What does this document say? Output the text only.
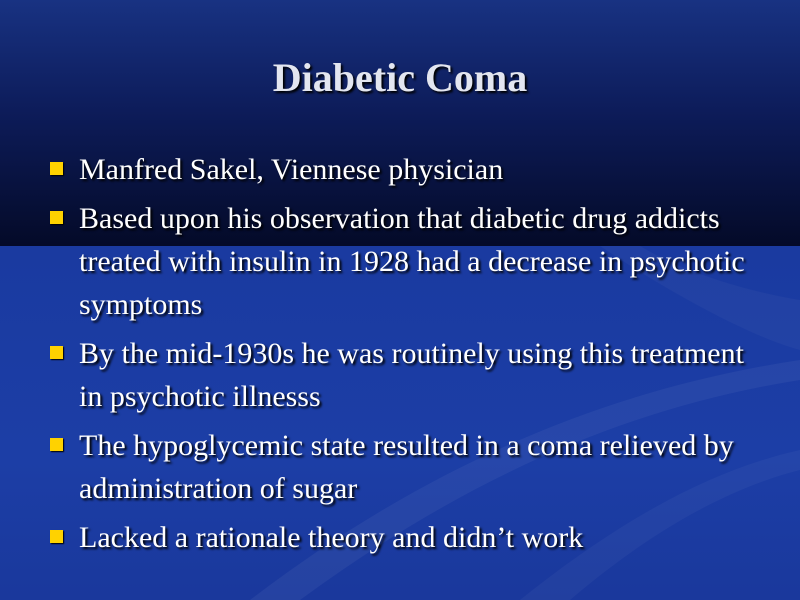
Diabetic Coma
Manfred Sakel, Viennese physician
Based upon his observation that diabetic drug addicts treated with insulin in 1928 had a decrease in psychotic symptoms
By the mid-1930s he was routinely using this treatment in psychotic illnesss
The hypoglycemic state resulted in a coma relieved by administration of sugar
Lacked a rationale theory and didn’t work
